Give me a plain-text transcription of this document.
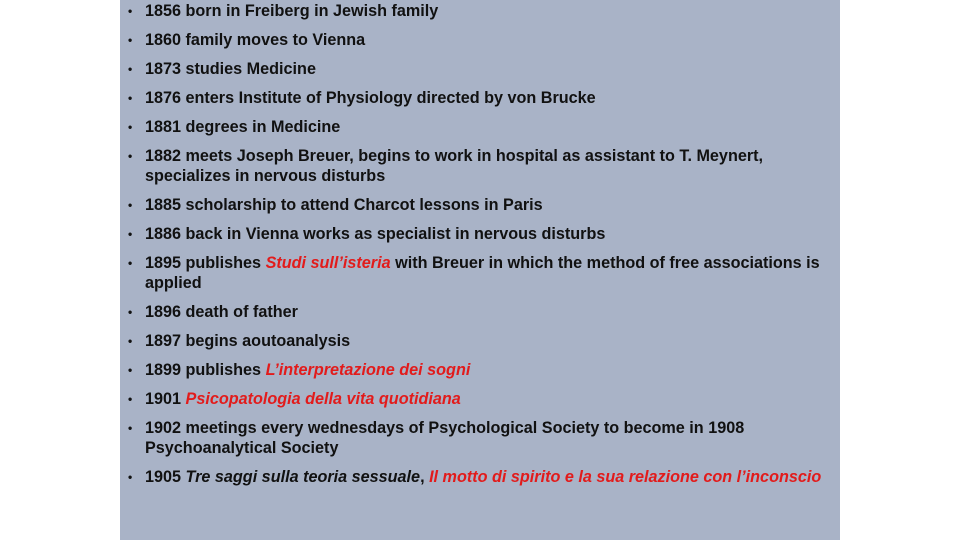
• 1856 born in Freiberg in Jewish family
• 1860 family moves to Vienna
• 1873 studies Medicine
• 1876 enters Institute of Physiology directed by von Brucke
• 1881 degrees in Medicine
• 1882 meets Joseph Breuer, begins to work in hospital as assistant to T. Meynert, specializes in nervous disturbs
• 1885 scholarship to attend Charcot lessons in Paris
• 1886 back in Vienna works as specialist in nervous disturbs
• 1895 publishes Studi sull’isteria with Breuer in which the method of free associations is applied
• 1896 death of father
• 1897 begins aoutoanalysis
• 1899 publishes L’interpretazione dei sogni
• 1901 Psicopatologia della vita quotidiana
• 1902 meetings every wednesdays of Psychological Society to become in 1908 Psychoanalytical Society
• 1905 Tre saggi sulla teoria sessuale, Il motto di spirito e la sua relazione con l’inconscio
